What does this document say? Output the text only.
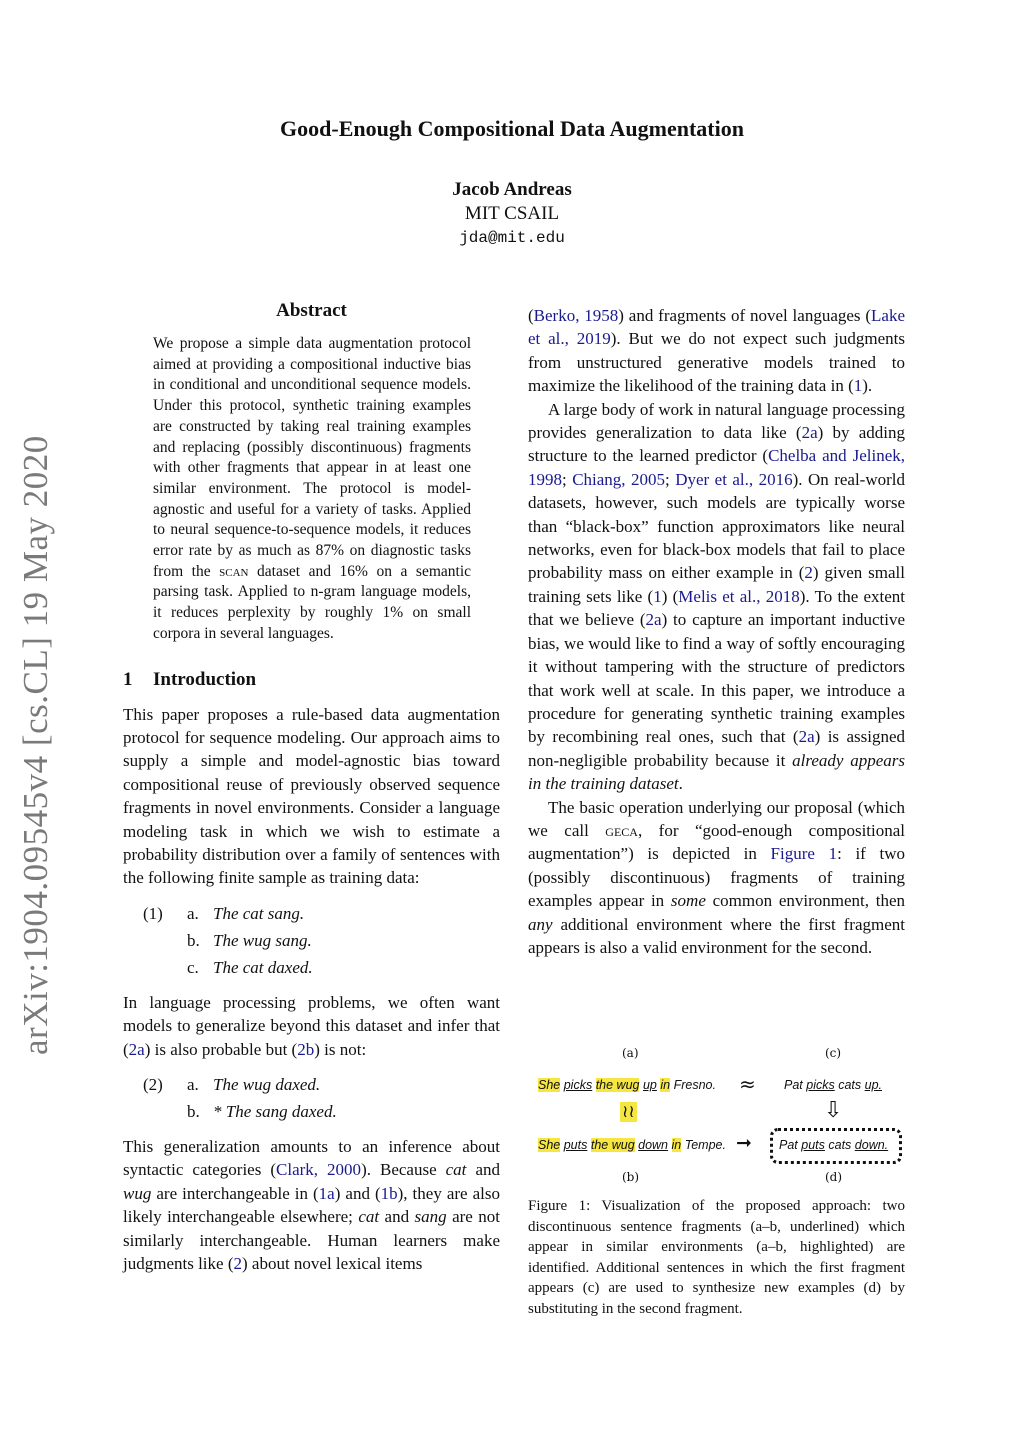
Good-Enough Compositional Data Augmentation
Jacob Andreas
MIT CSAIL
jda@mit.edu
arXiv:1904.09545v4 [cs.CL] 19 May 2020
Abstract
We propose a simple data augmentation protocol aimed at providing a compositional inductive bias in conditional and unconditional sequence models. Under this protocol, synthetic training examples are constructed by taking real training examples and replacing (possibly discontinuous) fragments with other fragments that appear in at least one similar environment. The protocol is model-agnostic and useful for a variety of tasks. Applied to neural sequence-to-sequence models, it reduces error rate by as much as 87% on diagnostic tasks from the scan dataset and 16% on a semantic parsing task. Applied to n-gram language models, it reduces perplexity by roughly 1% on small corpora in several languages.
1 Introduction

This paper proposes a rule-based data augmentation protocol for sequence modeling. Our approach aims to supply a simple and model-agnostic bias toward compositional reuse of previously observed sequence fragments in novel environments. Consider a language modeling task in which we wish to estimate a probability distribution over a family of sentences with the following finite sample as training data:

(1)	a. The cat sang.
b. The wug sang.
c. The cat daxed.

In language processing problems, we often want models to generalize beyond this dataset and infer that (2a) is also probable but (2b) is not:

(2)	a. The wug daxed.
b. * The sang daxed.

This generalization amounts to an inference about syntactic categories (Clark, 2000). Because cat and wug are interchangeable in (1a) and (1b), they are also likely interchangeable elsewhere; cat and sang are not similarly interchangeable. Human learners make judgments like (2) about novel lexical items

(Berko, 1958) and fragments of novel languages (Lake et al., 2019). But we do not expect such judgments from unstructured generative models trained to maximize the likelihood of the training data in (1).

A large body of work in natural language processing provides generalization to data like (2a) by adding structure to the learned predictor (Chelba and Jelinek, 1998; Chiang, 2005; Dyer et al., 2016). On real-world datasets, however, such models are typically worse than “black-box” function approximators like neural networks, even for black-box models that fail to place probability mass on either example in (2) given small training sets like (1) (Melis et al., 2018). To the extent that we believe (2a) to capture an important inductive bias, we would like to find a way of softly encouraging it without tampering with the structure of predictors that work well at scale. In this paper, we introduce a procedure for generating synthetic training examples by recombining real ones, such that (2a) is assigned non-negligible probability because it already appears in the training dataset.

The basic operation underlying our proposal (which we call geca, for “good-enough compositional augmentation”) is depicted in Figure 1: if two (possibly discontinuous) fragments of training examples appear in some common environment, then any additional environment where the first fragment appears is also a valid environment for the second.

(a)	(c)
She picks the wug up in Fresno. ≈ Pat picks cats up.
≀≀	⇩
She puts the wug down in Tempe. ➞ Pat puts cats down.
(b)	(d)
Figure 1: Visualization of the proposed approach: two discontinuous sentence fragments (a–b, underlined) which appear in similar environments (a–b, highlighted) are identified. Additional sentences in which the first fragment appears (c) are used to synthesize new examples (d) by substituting in the second fragment.
